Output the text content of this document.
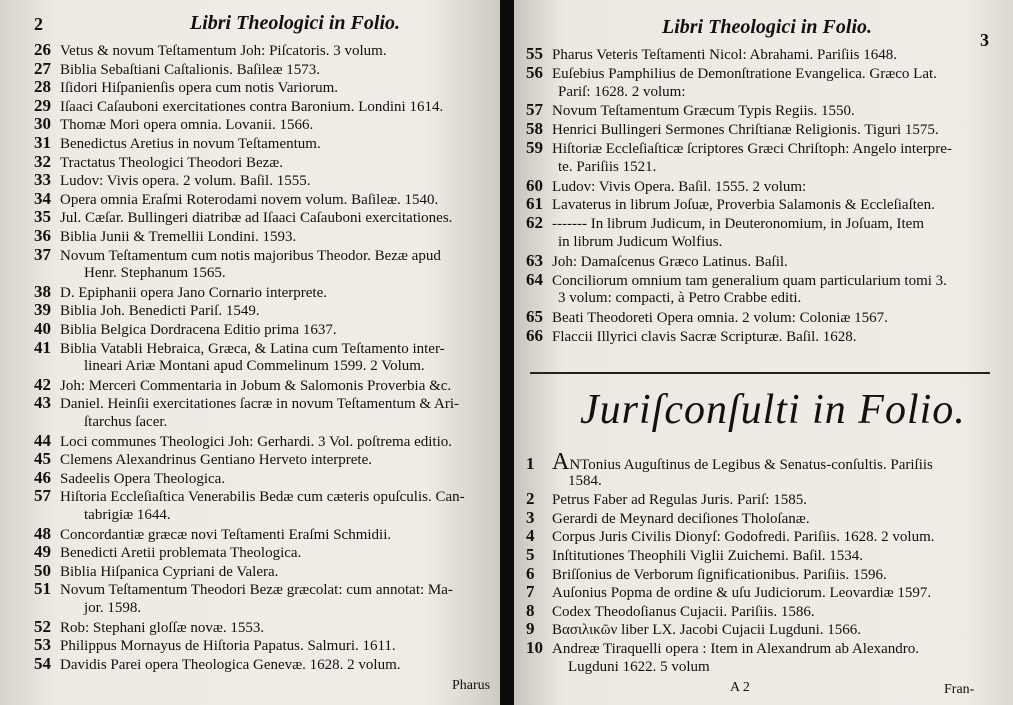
2	Libri Theologici in Folio.
26 Vetus & novum Teſtamentum Joh: Piſcatoris. 3 volum.
27 Biblia Sebaſtiani Caſtalionis. Baſileæ 1573.
28 Iſidori Hiſpanienſis opera cum notis Variorum.
29 Iſaaci Caſauboni exercitationes contra Baronium. Londini 1614.
30 Thomæ Mori opera omnia. Lovanii. 1566.
31 Benedictus Aretius in novum Teſtamentum.
32 Tractatus Theologici Theodori Bezæ.
33 Ludov: Vivis opera. 2 volum. Baſil. 1555.
34 Opera omnia Eraſmi Roterodami novem volum. Baſileæ. 1540.
35 Jul. Cæſar. Bullingeri diatribæ ad Iſaaci Caſauboni exercitationes.
36 Biblia Junii & Tremellii Londini. 1593.
37 Novum Teſtamentum cum notis majoribus Theodor. Bezæ apud
Henr. Stephanum 1565.
38 D. Epiphanii opera Jano Cornario interprete.
39 Biblia Joh. Benedicti Pariſ. 1549.
40 Biblia Belgica Dordracena Editio prima 1637.
41 Biblia Vatabli Hebraica, Græca, & Latina cum Teſtamento inter-
lineari Ariæ Montani apud Commelinum 1599. 2 Volum.
42 Joh: Merceri Commentaria in Jobum & Salomonis Proverbia &c.
43 Daniel. Heinſii exercitationes ſacræ in novum Teſtamentum & Ari-
ſtarchus ſacer.
44 Loci communes Theologici Joh: Gerhardi. 3 Vol. poſtrema editio.
45 Clemens Alexandrinus Gentiano Herveto interprete.
46 Sadeelis Opera Theologica.
57 Hiſtoria Eccleſiaſtica Venerabilis Bedæ cum cæteris opuſculis. Can-
tabrigiæ 1644.
48 Concordantiæ græcæ novi Teſtamenti Eraſmi Schmidii.
49 Benedicti Aretii problemata Theologica.
50 Biblia Hiſpanica Cypriani de Valera.
51 Novum Teſtamentum Theodori Bezæ græcolat: cum annotat: Ma-
jor. 1598.
52 Rob: Stephani gloſſæ novæ. 1553.
53 Philippus Mornayus de Hiſtoria Papatus. Salmuri. 1611.
54 Davidis Parei opera Theologica Genevæ. 1628. 2 volum.
Pharus
Libri Theologici in Folio.
3
55 Pharus Veteris Teſtamenti Nicol: Abrahami. Pariſiis 1648.
56 Euſebius Pamphilius de Demonſtratione Evangelica. Græco Lat.
Pariſ: 1628. 2 volum:
57 Novum Teſtamentum Græcum Typis Regiis. 1550.
58 Henrici Bullingeri Sermones Chriſtianæ Religionis. Tiguri 1575.
59 Hiſtoriæ Eccleſiaſticæ ſcriptores Græci Chriſtoph: Angelo interpre-
te. Pariſiis 1521.
60 Ludov: Vivis Opera. Baſil. 1555. 2 volum:
61 Lavaterus in librum Joſuæ, Proverbia Salamonis & Eccleſiaſten.
62 ------- In librum Judicum, in Deuteronomium, in Joſuam, Item
in librum Judicum Wolfius.
63 Joh: Damaſcenus Græco Latinus. Baſil.
64 Conciliorum omnium tam generalium quam particularium tomi 3.
3 volum: compacti, à Petro Crabbe editi.
65 Beati Theodoreti Opera omnia. 2 volum: Coloniæ 1567.
66 Flaccii Illyrici clavis Sacræ Scripturæ. Baſil. 1628.
Juriſconſulti in Folio.
1 ANTonius Auguſtinus de Legibus & Senatus-conſultis. Pariſiis
1584.
2 Petrus Faber ad Regulas Juris. Pariſ: 1585.
3 Gerardi de Meynard deciſiones Tholoſanæ.
4 Corpus Juris Civilis Dionyſ: Godofredi. Pariſiis. 1628. 2 volum.
5 Inſtitutiones Theophili Viglii Zuichemi. Baſil. 1534.
6 Briſſonius de Verborum ſignificationibus. Pariſiis. 1596.
7 Auſonius Popma de ordine & uſu Judiciorum. Leovardiæ 1597.
8 Codex Theodoſianus Cujacii. Pariſiis. 1586.
9 Βασιλικῶν liber LX. Jacobi Cujacii Lugduni. 1566.
10 Andreæ Tiraquelli opera : Item in Alexandrum ab Alexandro.
Lugduni 1622. 5 volum
A 2	Fran-
